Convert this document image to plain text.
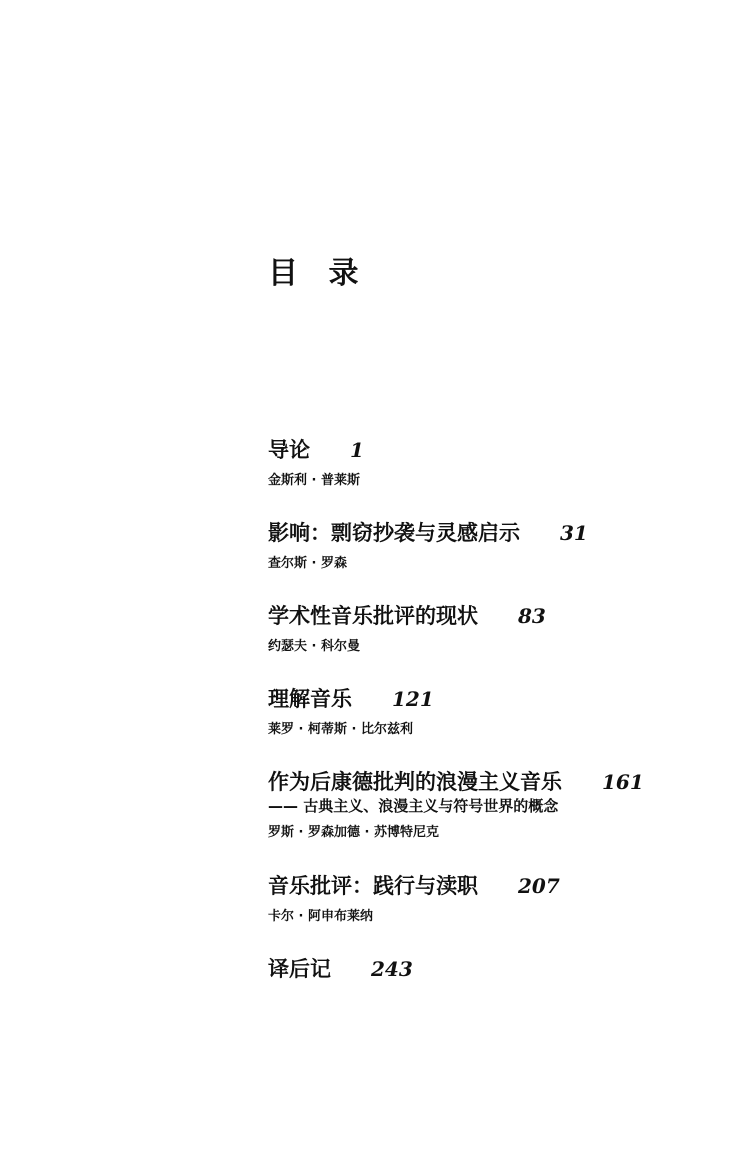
目 录
导论 1
金斯利 · 普莱斯
影响：剽窃抄袭与灵感启示 31
查尔斯 · 罗森
学术性音乐批评的现状 83
约瑟夫 · 科尔曼
理解音乐 121
莱罗 · 柯蒂斯 · 比尔兹利
作为后康德批判的浪漫主义音乐 161
—— 古典主义、浪漫主义与符号世界的概念
罗斯 · 罗森加德 · 苏博特尼克
音乐批评：践行与渎职 207
卡尔 · 阿申布莱纳
译后记 243
